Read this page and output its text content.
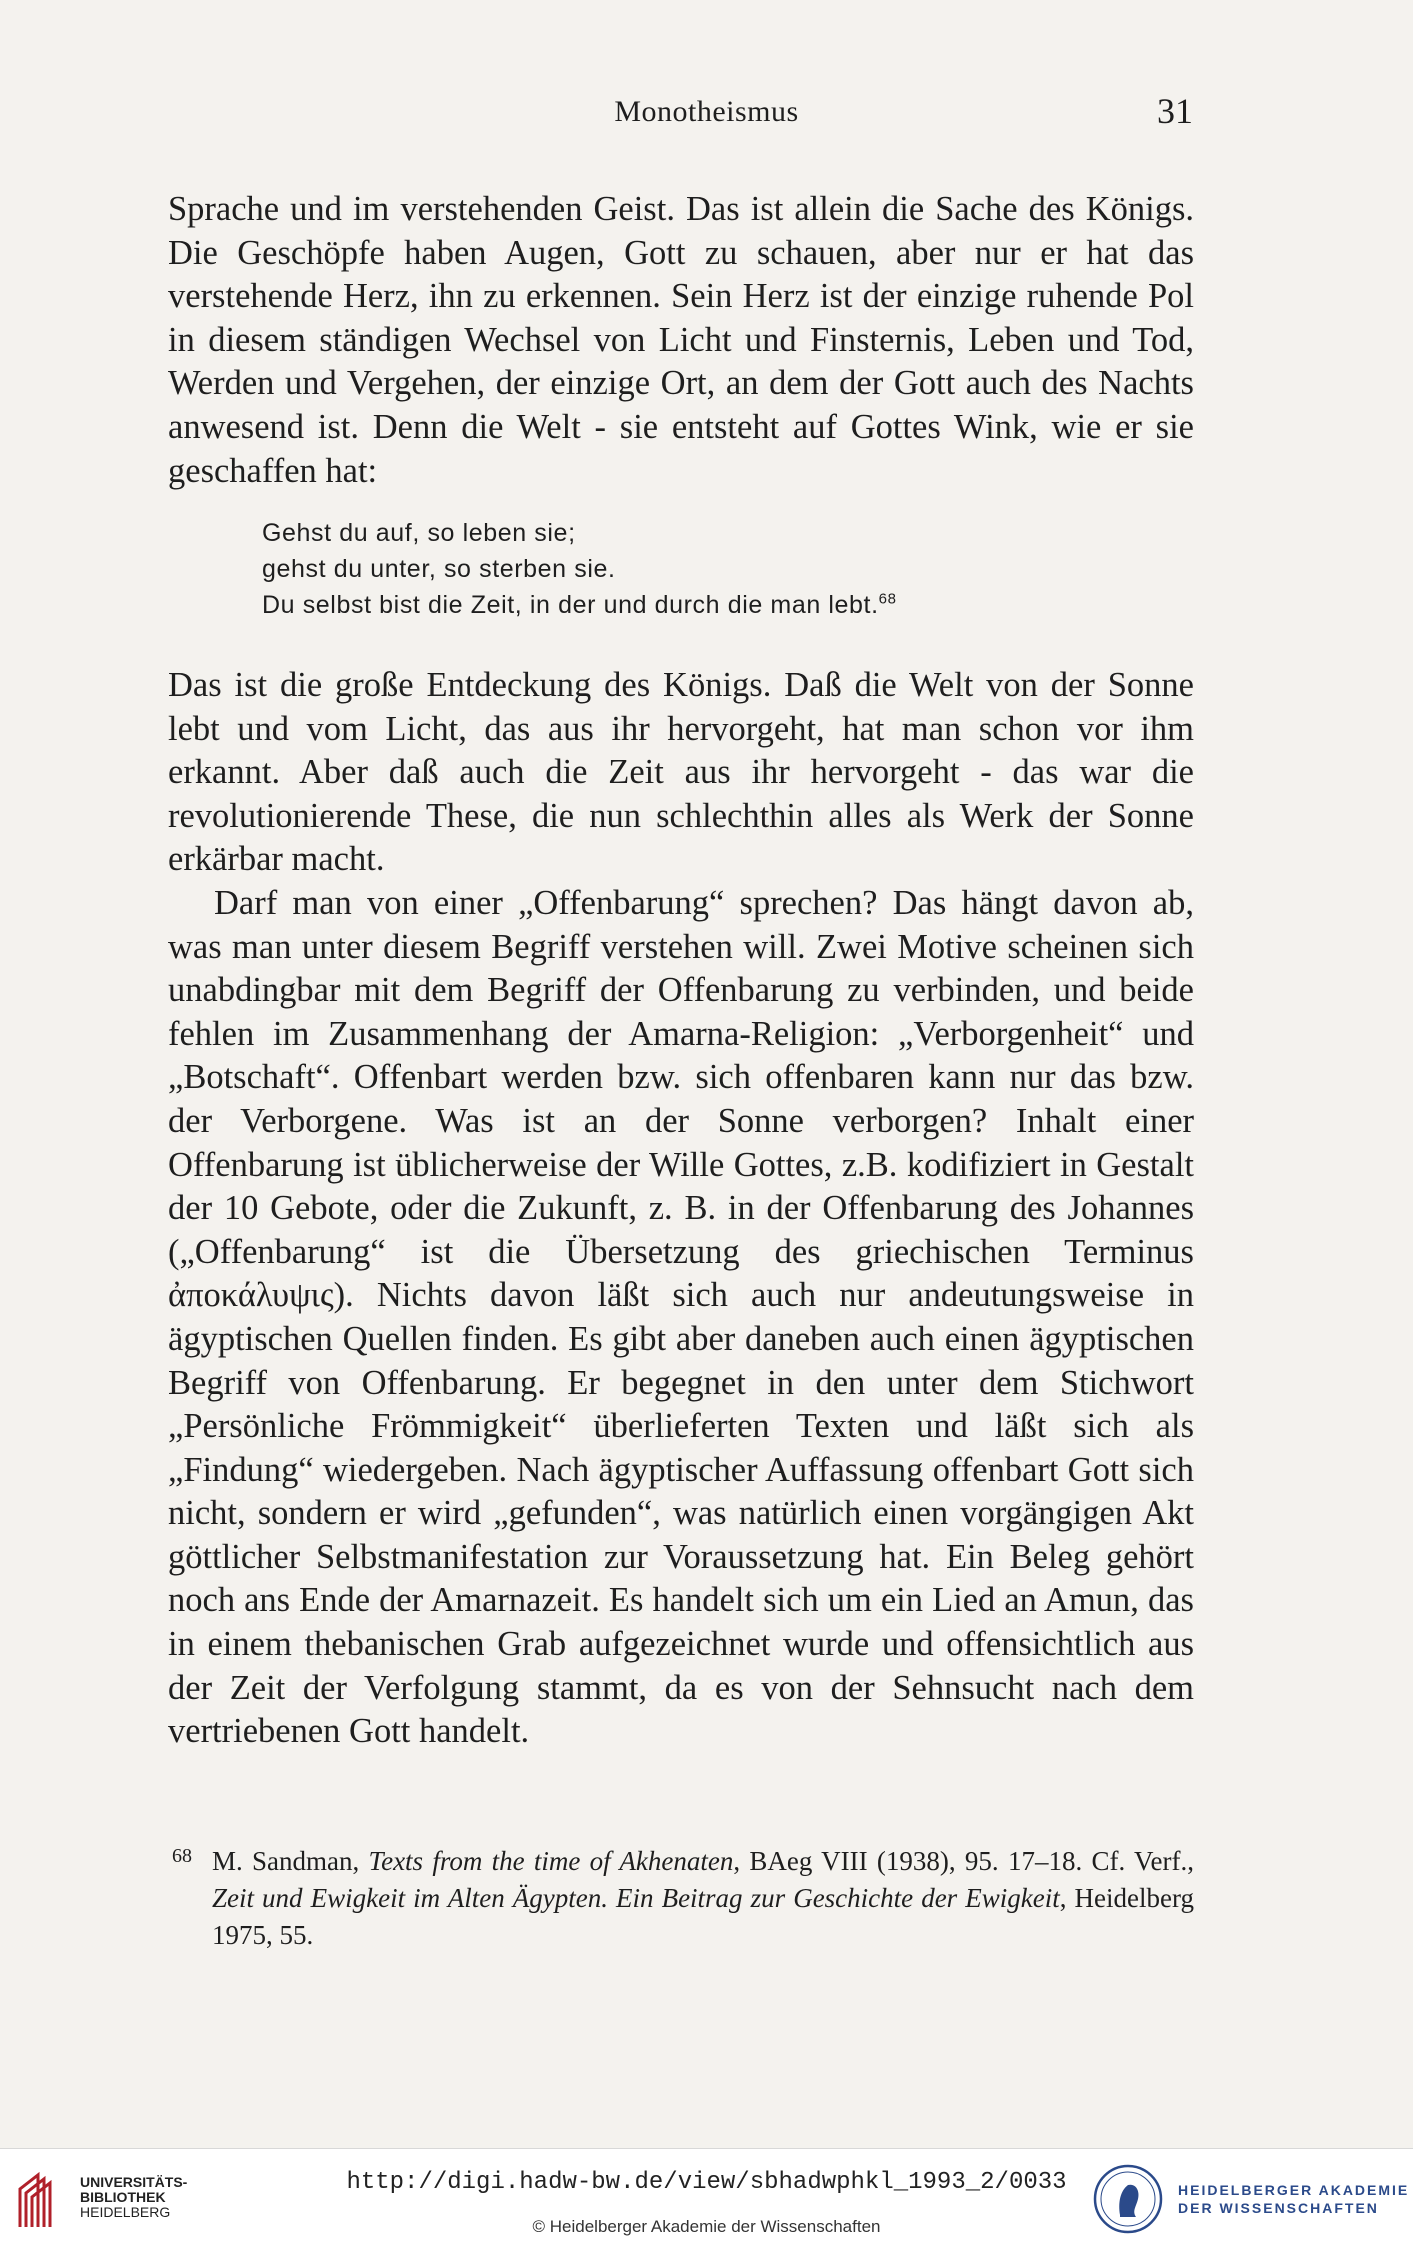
Monotheismus	31

Sprache und im verstehenden Geist. Das ist allein die Sache des Königs. Die Geschöpfe haben Augen, Gott zu schauen, aber nur er hat das verstehende Herz, ihn zu erkennen. Sein Herz ist der einzige ruhende Pol in diesem ständigen Wechsel von Licht und Finsternis, Leben und Tod, Werden und Vergehen, der einzige Ort, an dem der Gott auch des Nachts anwesend ist. Denn die Welt - sie entsteht auf Gottes Wink, wie er sie geschaffen hat:

Gehst du auf, so leben sie;
gehst du unter, so sterben sie.
Du selbst bist die Zeit, in der und durch die man lebt.$^{68}$

Das ist die große Entdeckung des Königs. Daß die Welt von der Sonne lebt und vom Licht, das aus ihr hervorgeht, hat man schon vor ihm erkannt. Aber daß auch die Zeit aus ihr hervorgeht - das war die revolutionierende These, die nun schlechthin alles als Werk der Sonne erkärbar macht.

Darf man von einer „Offenbarung“ sprechen? Das hängt davon ab, was man unter diesem Begriff verstehen will. Zwei Motive scheinen sich unabdingbar mit dem Begriff der Offenbarung zu verbinden, und beide fehlen im Zusammenhang der Amarna-Religion: „Verborgenheit“ und „Botschaft“. Offenbart werden bzw. sich offenbaren kann nur das bzw. der Verborgene. Was ist an der Sonne verborgen? Inhalt einer Offenbarung ist üblicherweise der Wille Gottes, z.B. kodifiziert in Gestalt der 10 Gebote, oder die Zukunft, z. B. in der Offenbarung des Johannes („Offenbarung“ ist die Übersetzung des griechischen Terminus ἀποκάλυψις). Nichts davon läßt sich auch nur andeutungsweise in ägyptischen Quellen finden. Es gibt aber daneben auch einen ägyptischen Begriff von Offenbarung. Er begegnet in den unter dem Stichwort „Persönliche Frömmigkeit“ überlieferten Texten und läßt sich als „Findung“ wiedergeben. Nach ägyptischer Auffassung offenbart Gott sich nicht, sondern er wird „gefunden“, was natürlich einen vorgängigen Akt göttlicher Selbstmanifestation zur Voraussetzung hat. Ein Beleg gehört noch ans Ende der Amarnazeit. Es handelt sich um ein Lied an Amun, das in einem thebanischen Grab aufgezeichnet wurde und offensichtlich aus der Zeit der Verfolgung stammt, da es von der Sehnsucht nach dem vertriebenen Gott handelt.

68 M. Sandman, Texts from the time of Akhenaten, BAeg VIII (1938), 95. 17–18. Cf. Verf., Zeit und Ewigkeit im Alten Ägypten. Ein Beitrag zur Geschichte der Ewigkeit, Heidelberg 1975, 55.

UNIVERSITÄTS-
BIBLIOTHEK
HEIDELBERG
http://digi.hadw-bw.de/view/sbhadwphkl_1993_2/0033
© Heidelberger Akademie der Wissenschaften
HEIDELBERGER AKADEMIE
DER WISSENSCHAFTEN
